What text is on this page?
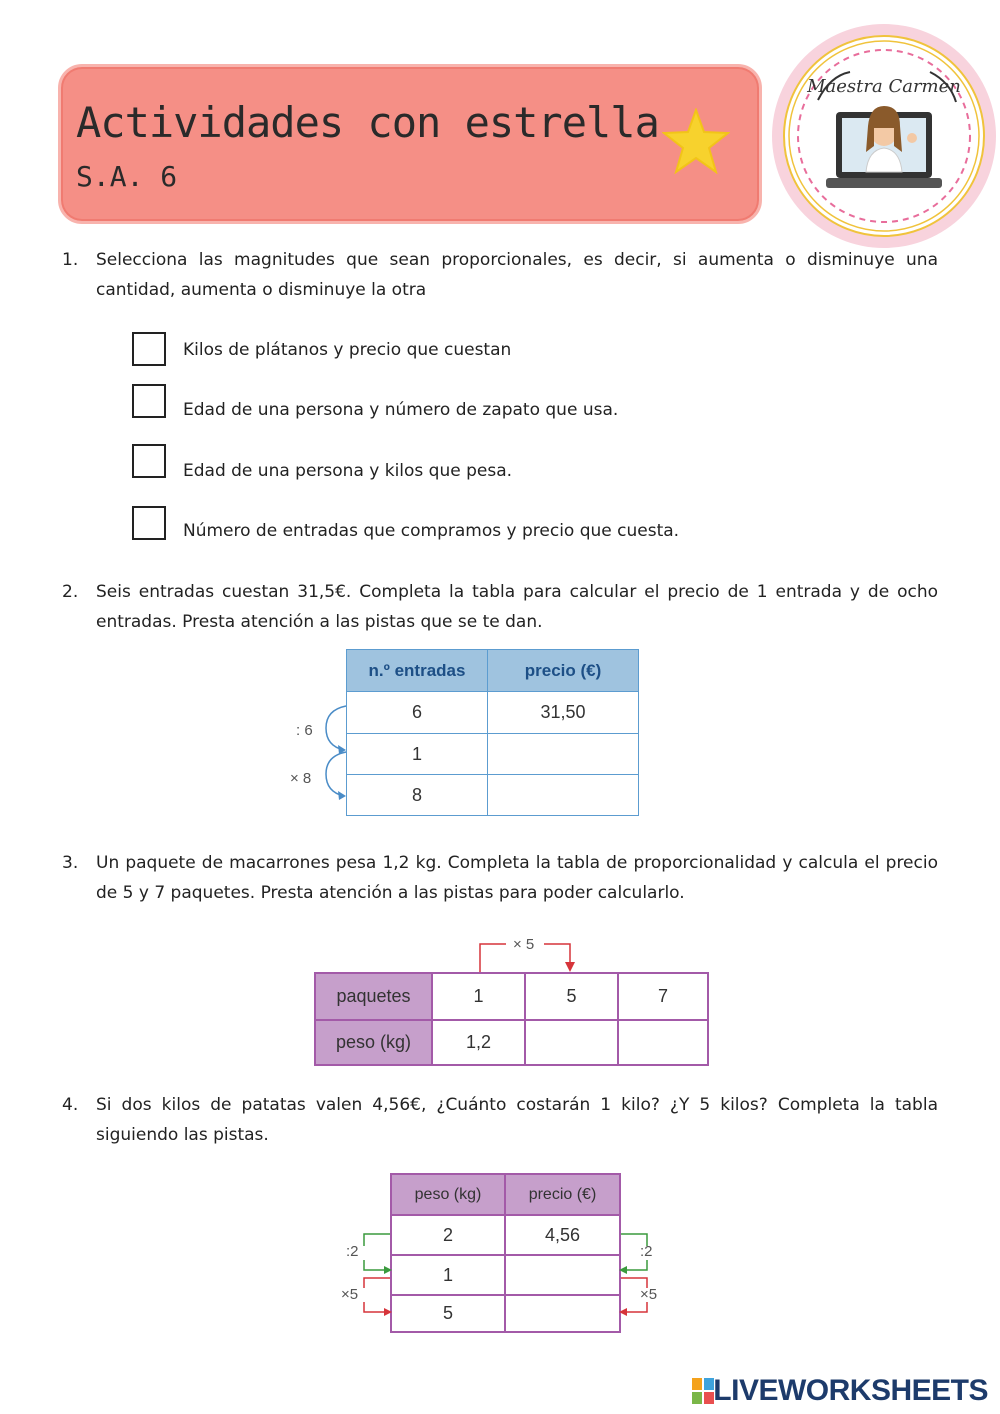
Actividades con estrella
S.A. 6
Maestra Carmen
1. Selecciona las magnitudes que sean proporcionales, es decir, si aumenta o disminuye una cantidad, aumenta o disminuye la otra
Kilos de plátanos y precio que cuestan
Edad de una persona y número de zapato que usa.
Edad de una persona y kilos que pesa.
Número de entradas que compramos y precio que cuesta.
2. Seis entradas cuestan 31,5€. Completa la tabla para calcular el precio de 1 entrada y de ocho entradas. Presta atención a las pistas que se te dan.
n.º entradas	precio (€)
6	31,50
1
8
: 6
× 8
3. Un paquete de macarrones pesa 1,2 kg. Completa la tabla de proporcionalidad y calcula el precio de 5 y 7 paquetes. Presta atención a las pistas para poder calcularlo.
× 5
paquetes	1	5	7
peso (kg)	1,2
4. Si dos kilos de patatas valen 4,56€, ¿Cuánto costarán 1 kilo? ¿Y 5 kilos? Completa la tabla siguiendo las pistas.
peso (kg)	precio (€)
2	4,56
1
5
:2
×5
:2
×5
LIVEWORKSHEETS
